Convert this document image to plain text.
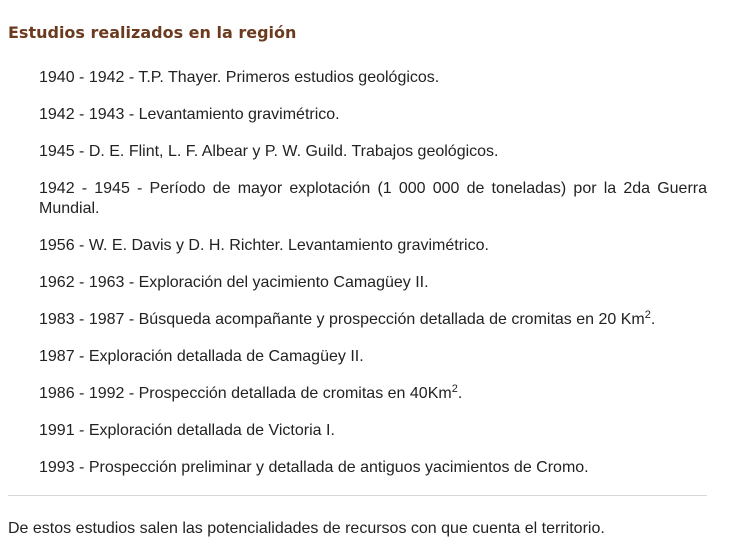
Estudios realizados en la región
1940 - 1942 - T.P. Thayer. Primeros estudios geológicos.
1942 - 1943 - Levantamiento gravimétrico.
1945 - D. E. Flint, L. F. Albear y P. W. Guild. Trabajos geológicos.
1942 - 1945 - Período de mayor explotación (1 000 000 de toneladas) por la 2da Guerra Mundial.
1956 - W. E. Davis y D. H. Richter. Levantamiento gravimétrico.
1962 - 1963 - Exploración del yacimiento Camagüey II.
1983 - 1987 - Búsqueda acompañante y prospección detallada de cromitas en 20 Km$^2$.
1987 - Exploración detallada de Camagüey II.
1986 - 1992 - Prospección detallada de cromitas en 40Km$^2$.
1991 - Exploración detallada de Victoria I.
1993 - Prospección preliminar y detallada de antiguos yacimientos de Cromo.

De estos estudios salen las potencialidades de recursos con que cuenta el territorio.
